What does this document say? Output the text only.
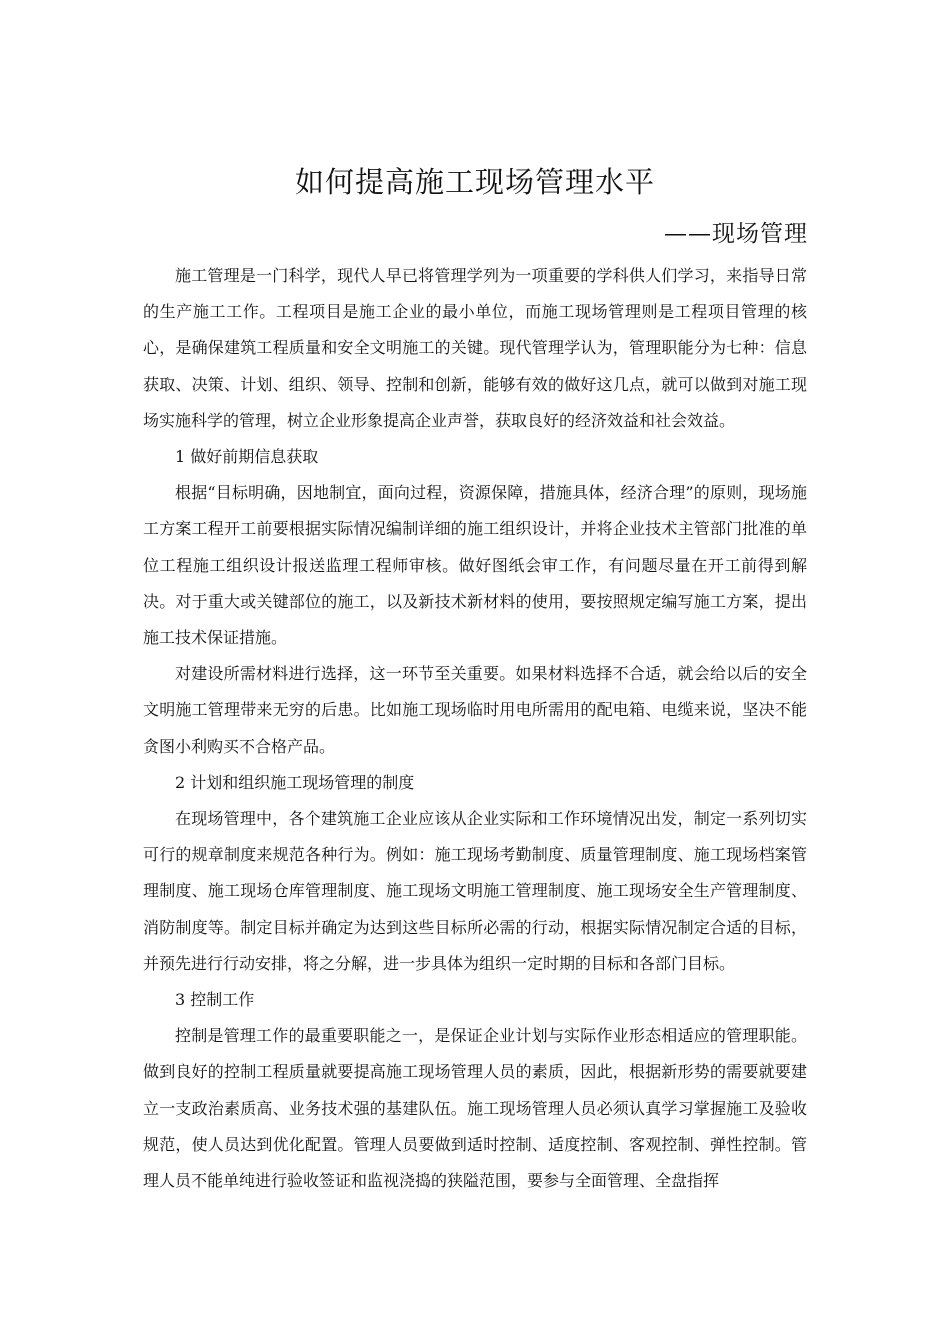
如何提高施工现场管理水平
——现场管理

施工管理是一门科学，现代人早已将管理学列为一项重要的学科供人们学习，来指导日常的生产施工工作。工程项目是施工企业的最小单位，而施工现场管理则是工程项目管理的核心，是确保建筑工程质量和安全文明施工的关键。现代管理学认为，管理职能分为七种：信息获取、决策、计划、组织、领导、控制和创新，能够有效的做好这几点，就可以做到对施工现场实施科学的管理，树立企业形象提高企业声誉，获取良好的经济效益和社会效益。

1 做好前期信息获取

根据“目标明确，因地制宜，面向过程，资源保障，措施具体，经济合理”的原则，现场施工方案工程开工前要根据实际情况编制详细的施工组织设计，并将企业技术主管部门批准的单位工程施工组织设计报送监理工程师审核。做好图纸会审工作，有问题尽量在开工前得到解决。对于重大或关键部位的施工，以及新技术新材料的使用，要按照规定编写施工方案，提出施工技术保证措施。

对建设所需材料进行选择，这一环节至关重要。如果材料选择不合适，就会给以后的安全文明施工管理带来无穷的后患。比如施工现场临时用电所需用的配电箱、电缆来说，坚决不能贪图小利购买不合格产品。

2 计划和组织施工现场管理的制度

在现场管理中，各个建筑施工企业应该从企业实际和工作环境情况出发，制定一系列切实可行的规章制度来规范各种行为。例如：施工现场考勤制度、质量管理制度、施工现场档案管理制度、施工现场仓库管理制度、施工现场文明施工管理制度、施工现场安全生产管理制度、消防制度等。制定目标并确定为达到这些目标所必需的行动，根据实际情况制定合适的目标，并预先进行行动安排，将之分解，进一步具体为组织一定时期的目标和各部门目标。

3 控制工作

控制是管理工作的最重要职能之一，是保证企业计划与实际作业形态相适应的管理职能。做到良好的控制工程质量就要提高施工现场管理人员的素质，因此，根据新形势的需要就要建立一支政治素质高、业务技术强的基建队伍。施工现场管理人员必须认真学习掌握施工及验收规范，使人员达到优化配置。管理人员要做到适时控制、适度控制、客观控制、弹性控制。管理人员不能单纯进行验收签证和监视浇捣的狭隘范围，要参与全面管理、全盘指挥
